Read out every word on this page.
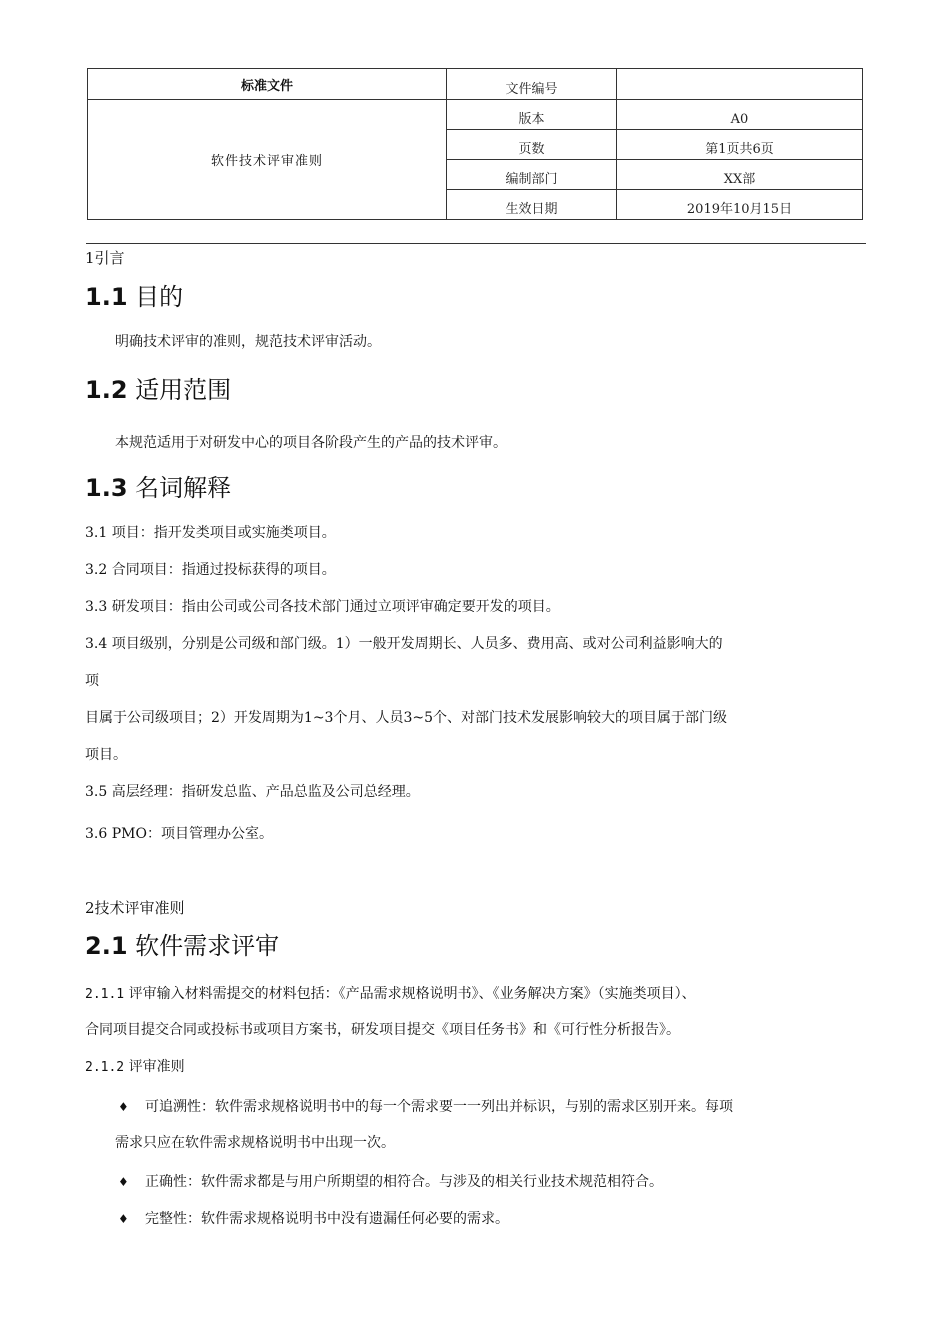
标准文件	文件编号	
软件技术评审准则	版本	A0
	页数	第1页共6页
	编制部门	XX部
	生效日期	2019年10月15日
1引言
1.1 目的
明确技术评审的准则，规范技术评审活动。
1.2 适用范围
本规范适用于对研发中心的项目各阶段产生的产品的技术评审。
1.3 名词解释
3.1 项目：指开发类项目或实施类项目。
3.2 合同项目：指通过投标获得的项目。
3.3 研发项目：指由公司或公司各技术部门通过立项评审确定要开发的项目。
3.4 项目级别，分别是公司级和部门级。1）一般开发周期长、人员多、费用高、或对公司利益影响大的
项
目属于公司级项目；2）开发周期为1~3个月、人员3~5个、对部门技术发展影响较大的项目属于部门级
项目。
3.5 高层经理：指研发总监、产品总监及公司总经理。
3.6 PMO：项目管理办公室。
2技术评审准则
2.1 软件需求评审
2.1.1 评审输入材料需提交的材料包括：《产品需求规格说明书》、《业务解决方案》（实施类项目）、
合同项目提交合同或投标书或项目方案书，研发项目提交《项目任务书》和《可行性分析报告》。
2.1.2 评审准则
♦ 可追溯性：软件需求规格说明书中的每一个需求要一一列出并标识，与别的需求区别开来。每项
需求只应在软件需求规格说明书中出现一次。
♦ 正确性：软件需求都是与用户所期望的相符合。与涉及的相关行业技术规范相符合。
♦ 完整性：软件需求规格说明书中没有遗漏任何必要的需求。
